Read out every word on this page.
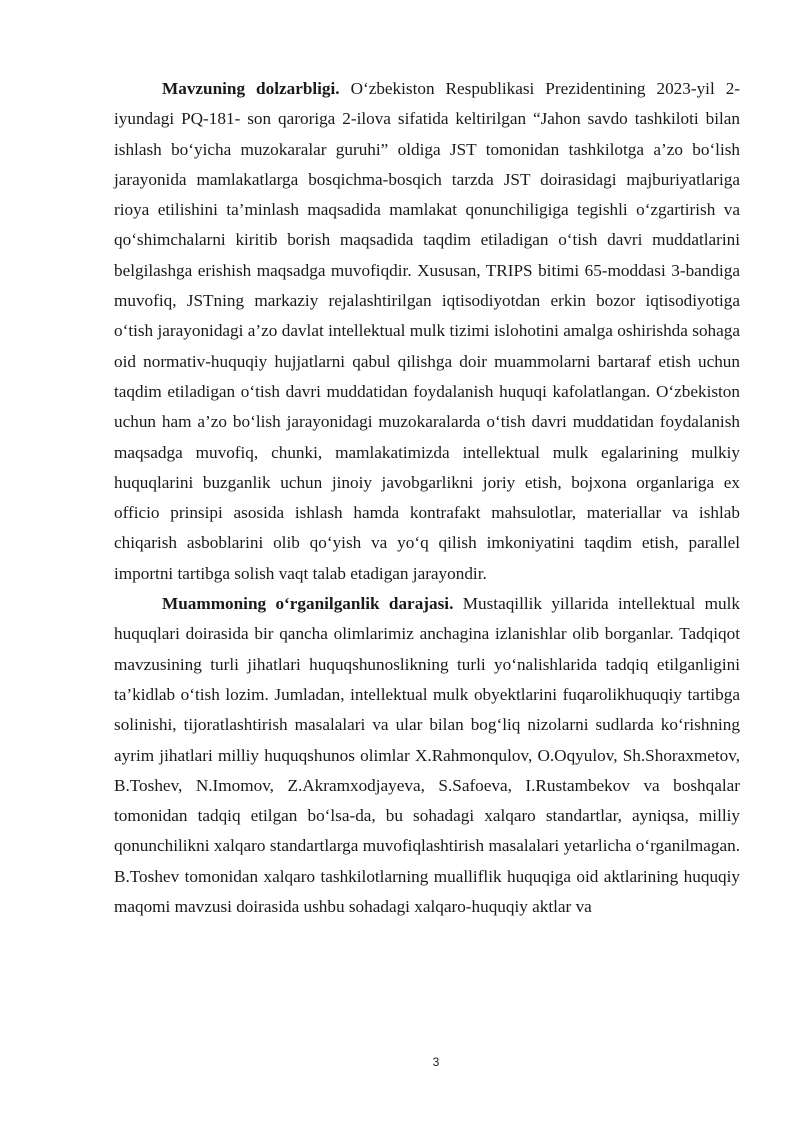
Mavzuning dolzarbligi. O‘zbekiston Respublikasi Prezidentining 2023-yil 2-iyundagi PQ-181- son qaroriga 2-ilova sifatida keltirilgan “Jahon savdo tashkiloti bilan ishlash bo‘yicha muzokaralar guruhi” oldiga JST tomonidan tashkilotga a’zo bo‘lish jarayonida mamlakatlarga bosqichma-bosqich tarzda JST doirasidagi majburiyatlariga rioya etilishini ta’minlash maqsadida mamlakat qonunchiligiga tegishli o‘zgartirish va qo‘shimchalarni kiritib borish maqsadida taqdim etiladigan o‘tish davri muddatlarini belgilashga erishish maqsadga muvofiqdir. Xususan, TRIPS bitimi 65-moddasi 3-bandiga muvofiq, JSTning markaziy rejalashtirilgan iqtisodiyotdan erkin bozor iqtisodiyotiga o‘tish jarayonidagi a’zo davlat intellektual mulk tizimi islohotini amalga oshirishda sohaga oid normativ-huquqiy hujjatlarni qabul qilishga doir muammolarni bartaraf etish uchun taqdim etiladigan o‘tish davri muddatidan foydalanish huquqi kafolatlangan. O‘zbekiston uchun ham a’zo bo‘lish jarayonidagi muzokaralarda o‘tish davri muddatidan foydalanish maqsadga muvofiq, chunki, mamlakatimizda intellektual mulk egalarining mulkiy huquqlarini buzganlik uchun jinoiy javobgarlikni joriy etish, bojxona organlariga ex officio prinsipi asosida ishlash hamda kontrafakt mahsulotlar, materiallar va ishlab chiqarish asboblarini olib qo‘yish va yo‘q qilish imkoniyatini taqdim etish, parallel importni tartibga solish vaqt talab etadigan jarayondir.

Muammoning o‘rganilganlik darajasi. Mustaqillik yillarida intellektual mulk huquqlari doirasida bir qancha olimlarimiz anchagina izlanishlar olib borganlar. Tadqiqot mavzusining turli jihatlari huquqshunoslikning turli yo‘nalishlarida tadqiq etilganligini ta’kidlab o‘tish lozim. Jumladan, intellektual mulk obyektlarini fuqarolikhuquqiy tartibga solinishi, tijoratlashtirish masalalari va ular bilan bog‘liq nizolarni sudlarda ko‘rishning ayrim jihatlari milliy huquqshunos olimlar X.Rahmonqulov, O.Oqyulov, Sh.Shoraxmetov, B.Toshev, N.Imomov, Z.Akramxodjayeva, S.Safoeva, I.Rustambekov va boshqalar tomonidan tadqiq etilgan bo‘lsa-da, bu sohadagi xalqaro standartlar, ayniqsa, milliy qonunchilikni xalqaro standartlarga muvofiqlashtirish masalalari yetarlicha o‘rganilmagan. B.Toshev tomonidan xalqaro tashkilotlarning mualliflik huquqiga oid aktlarining huquqiy maqomi mavzusi doirasida ushbu sohadagi xalqaro-huquqiy aktlar va

3
